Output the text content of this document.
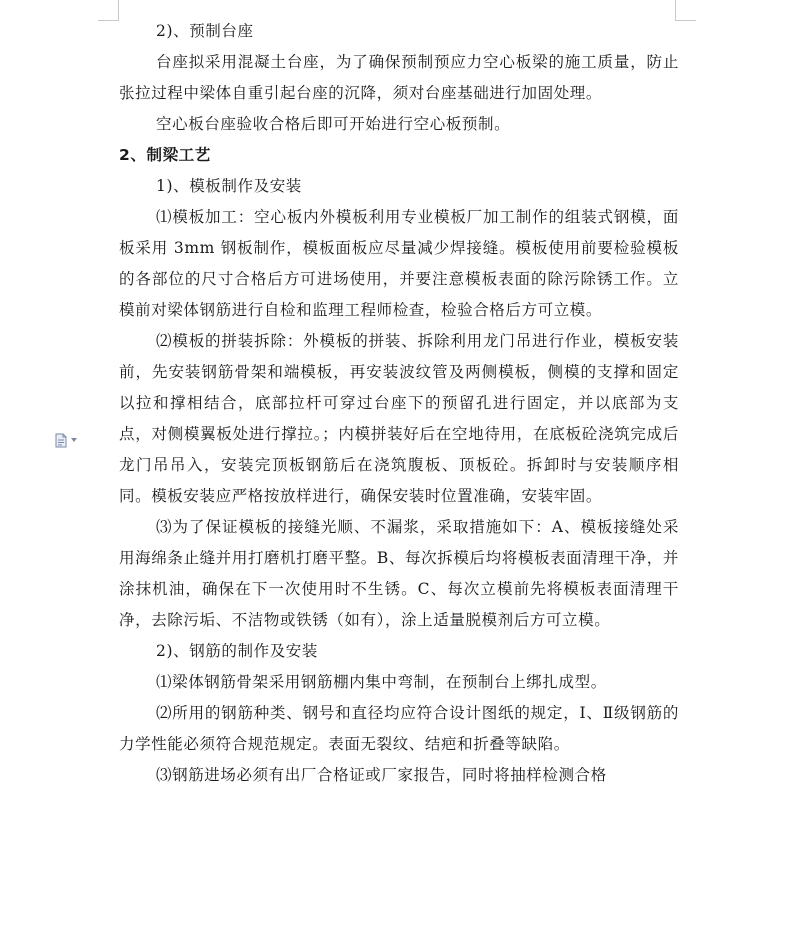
2)、预制台座

台座拟采用混凝土台座，为了确保预制预应力空心板梁的施工质量，防止张拉过程中梁体自重引起台座的沉降，须对台座基础进行加固处理。

空心板台座验收合格后即可开始进行空心板预制。

2、制梁工艺

1)、模板制作及安装

⑴模板加工：空心板内外模板利用专业模板厂加工制作的组装式钢模，面板采用 3mm 钢板制作，模板面板应尽量减少焊接缝。模板使用前要检验模板的各部位的尺寸合格后方可进场使用，并要注意模板表面的除污除锈工作。立模前对梁体钢筋进行自检和监理工程师检查，检验合格后方可立模。

⑵模板的拼装拆除：外模板的拼装、拆除利用龙门吊进行作业，模板安装前，先安装钢筋骨架和端模板，再安装波纹管及两侧模板，侧模的支撑和固定以拉和撑相结合，底部拉杆可穿过台座下的预留孔进行固定，并以底部为支点，对侧模翼板处进行撑拉。；内模拼装好后在空地待用，在底板砼浇筑完成后龙门吊吊入，安装完顶板钢筋后在浇筑腹板、顶板砼。拆卸时与安装顺序相同。模板安装应严格按放样进行，确保安装时位置准确，安装牢固。

⑶为了保证模板的接缝光顺、不漏浆，采取措施如下：A、模板接缝处采用海绵条止缝并用打磨机打磨平整。B、每次拆模后均将模板表面清理干净，并涂抹机油，确保在下一次使用时不生锈。C、每次立模前先将模板表面清理干净，去除污垢、不洁物或铁锈（如有），涂上适量脱模剂后方可立模。

2)、钢筋的制作及安装

⑴梁体钢筋骨架采用钢筋棚内集中弯制，在预制台上绑扎成型。

⑵所用的钢筋种类、钢号和直径均应符合设计图纸的规定，Ⅰ、Ⅱ级钢筋的力学性能必须符合规范规定。表面无裂纹、结疤和折叠等缺陷。

⑶钢筋进场必须有出厂合格证或厂家报告，同时将抽样检测合格
